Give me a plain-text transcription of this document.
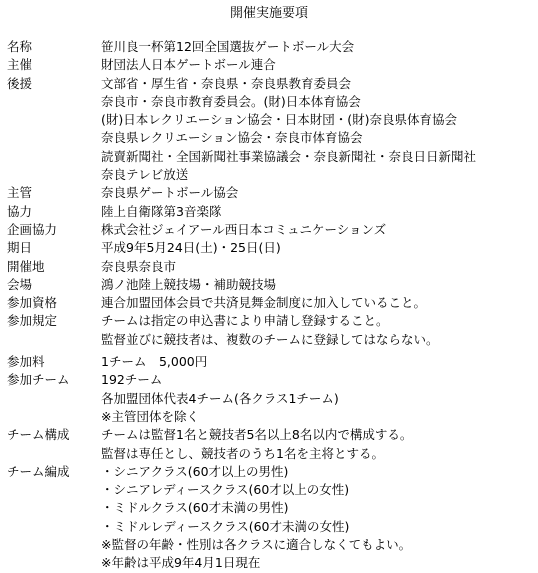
開催実施要項
名称	笹川良一杯第12回全国選抜ゲートボール大会
主催	財団法人日本ゲートボール連合
後援	文部省・厚生省・奈良県・奈良県教育委員会
奈良市・奈良市教育委員会。(財)日本体育協会
(財)日本レクリエーション協会・日本財団・(財)奈良県体育協会
奈良県レクリエーション協会・奈良市体育協会
読賣新聞社・全国新聞社事業協議会・奈良新聞社・奈良日日新聞社
奈良テレビ放送
主管	奈良県ゲートボール協会
協力	陸上自衛隊第3音楽隊
企画協力	株式会社ジェイアール西日本コミュニケーションズ
期日	平成9年5月24日(土)・25日(日)
開催地	奈良県奈良市
会場	鴻ノ池陸上競技場・補助競技場
参加資格	連合加盟団体会員で共済見舞金制度に加入していること。
参加規定	チームは指定の申込書により申請し登録すること。
監督並びに競技者は、複数のチームに登録してはならない。
参加料	1チーム　5,000円
参加チーム	192チーム
各加盟団体代表4チーム(各クラス1チーム)
※主管団体を除く
チーム構成	チームは監督1名と競技者5名以上8名以内で構成する。
監督は専任とし、競技者のうち1名を主将とする。
チーム編成	・シニアクラス(60才以上の男性)
・シニアレディースクラス(60才以上の女性)
・ミドルクラス(60才未満の男性)
・ミドルレディースクラス(60才未満の女性)
※監督の年齢・性別は各クラスに適合しなくてもよい。
※年齢は平成9年4月1日現在
